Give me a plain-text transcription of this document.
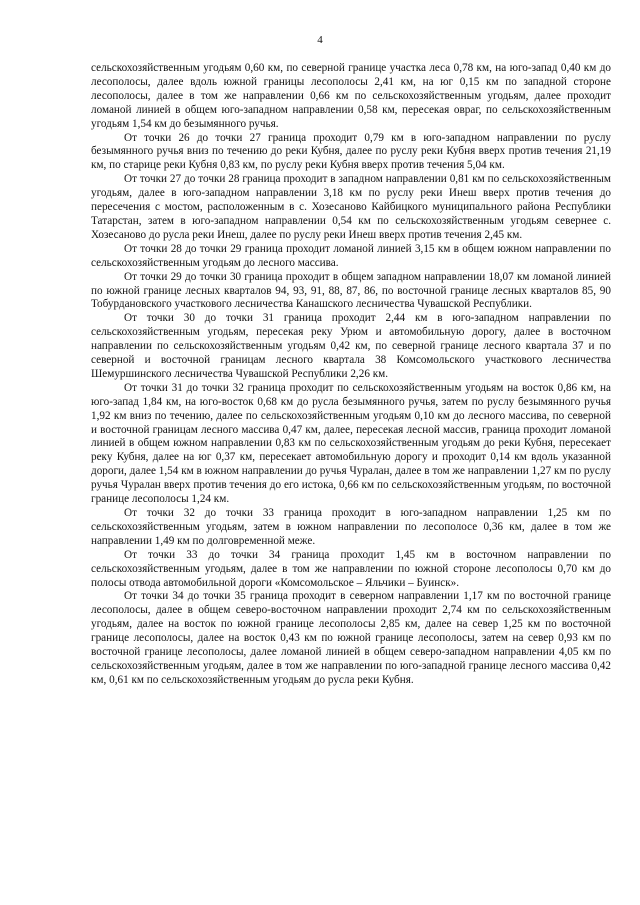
4

сельскохозяйственным угодьям 0,60 км, по северной границе участка леса 0,78 км, на юго-запад 0,40 км до лесополосы, далее вдоль южной границы лесополосы 2,41 км, на юг 0,15 км по западной стороне лесополосы, далее в том же направлении 0,66 км по сельскохозяйственным угодьям, далее проходит ломаной линией в общем юго-западном направлении 0,58 км, пересекая овраг, по сельскохозяйственным угодьям 1,54 км до безымянного ручья.

От точки 26 до точки 27 граница проходит 0,79 км в юго-западном направлении по руслу безымянного ручья вниз по течению до реки Кубня, далее по руслу реки Кубня вверх против течения 21,19 км, по старице реки Кубня 0,83 км, по руслу реки Кубня вверх против течения 5,04 км.

От точки 27 до точки 28 граница проходит в западном направлении 0,81 км по сельскохозяйственным угодьям, далее в юго-западном направлении 3,18 км по руслу реки Инеш вверх против течения до пересечения с мостом, расположенным в с. Хозесаново Кайбицкого муниципального района Республики Татарстан, затем в юго-западном направлении 0,54 км по сельскохозяйственным угодьям севернее с. Хозесаново до русла реки Инеш, далее по руслу реки Инеш вверх против течения 2,45 км.

От точки 28 до точки 29 граница проходит ломаной линией 3,15 км в общем южном направлении по сельскохозяйственным угодьям до лесного массива.

От точки 29 до точки 30 граница проходит в общем западном направлении 18,07 км ломаной линией по южной границе лесных кварталов 94, 93, 91, 88, 87, 86, по восточной границе лесных кварталов 85, 90 Тобурдановского участкового лесничества Канашского лесничества Чувашской Республики.

От точки 30 до точки 31 граница проходит 2,44 км в юго-западном направлении по сельскохозяйственным угодьям, пересекая реку Урюм и автомобильную дорогу, далее в восточном направлении по сельскохозяйственным угодьям 0,42 км, по северной границе лесного квартала 37 и по северной и восточной границам лесного квартала 38 Комсомольского участкового лесничества Шемуршинского лесничества Чувашской Республики 2,26 км.

От точки 31 до точки 32 граница проходит по сельскохозяйственным угодьям на восток 0,86 км, на юго-запад 1,84 км, на юго-восток 0,68 км до русла безымянного ручья, затем по руслу безымянного ручья 1,92 км вниз по течению, далее по сельскохозяйственным угодьям 0,10 км до лесного массива, по северной и восточной границам лесного массива 0,47 км, далее, пересекая лесной массив, граница проходит ломаной линией в общем южном направлении 0,83 км по сельскохозяйственным угодьям до реки Кубня, пересекает реку Кубня, далее на юг 0,37 км, пересекает автомобильную дорогу и проходит 0,14 км вдоль указанной дороги, далее 1,54 км в южном направлении до ручья Чуралан, далее в том же направлении 1,27 км по руслу ручья Чуралан вверх против течения до его истока, 0,66 км по сельскохозяйственным угодьям, по восточной границе лесополосы 1,24 км.

От точки 32 до точки 33 граница проходит в юго-западном направлении 1,25 км по сельскохозяйственным угодьям, затем в южном направлении по лесополосе 0,36 км, далее в том же направлении 1,49 км по долговременной меже.

От точки 33 до точки 34 граница проходит 1,45 км в восточном направлении по сельскохозяйственным угодьям, далее в том же направлении по южной стороне лесополосы 0,70 км до полосы отвода автомобильной дороги «Комсомольское – Яльчики – Буинск».

От точки 34 до точки 35 граница проходит в северном направлении 1,17 км по восточной границе лесополосы, далее в общем северо-восточном направлении проходит 2,74 км по сельскохозяйственным угодьям, далее на восток по южной границе лесополосы 2,85 км, далее на север 1,25 км по восточной границе лесополосы, далее на восток 0,43 км по южной границе лесополосы, затем на север 0,93 км по восточной границе лесополосы, далее ломаной линией в общем северо-западном направлении 4,05 км по сельскохозяйственным угодьям, далее в том же направлении по юго-западной границе лесного массива 0,42 км, 0,61 км по сельскохозяйственным угодьям до русла реки Кубня.
